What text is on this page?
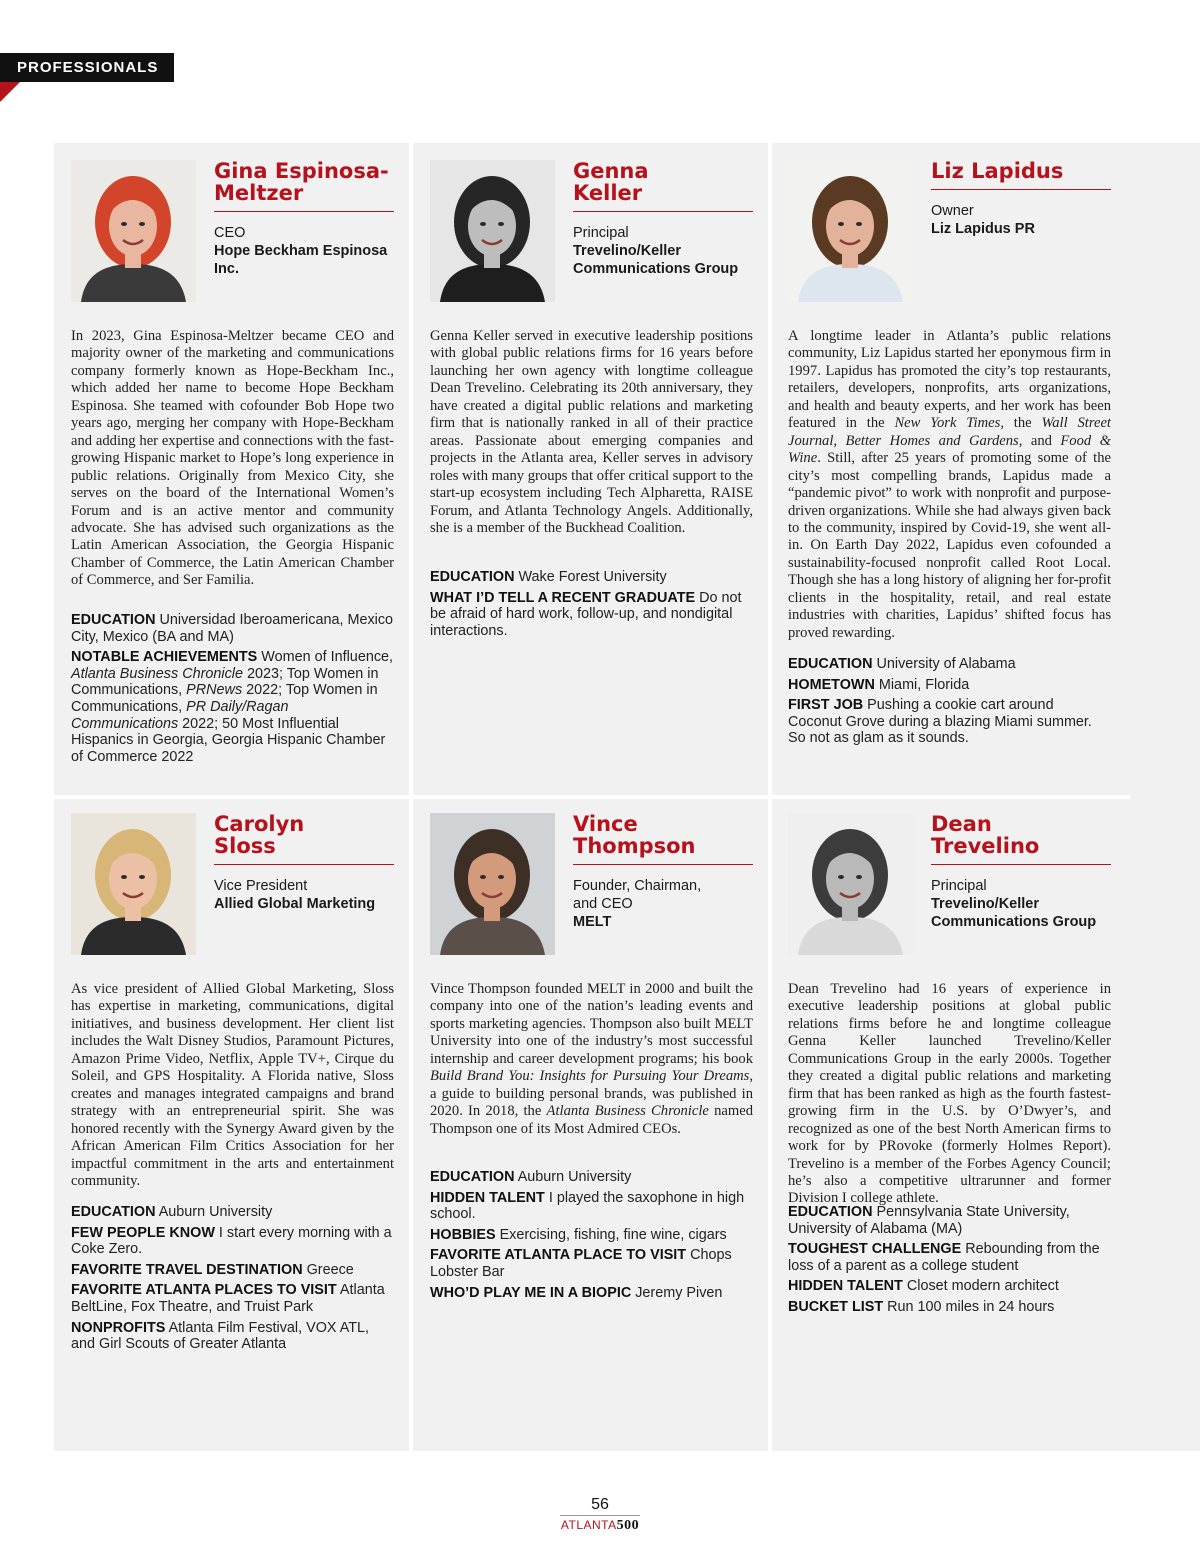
PROFESSIONALS
Gina Espinosa-
Meltzer
CEO
Hope Beckham Espinosa
Inc.

In 2023, Gina Espinosa-Meltzer became CEO and majority owner of the marketing and communications company formerly known as Hope-Beckham Inc., which added her name to become Hope Beckham Espinosa. She teamed with cofounder Bob Hope two years ago, merging her company with Hope-Beckham and adding her expertise and connections with the fast-growing Hispanic market to Hope’s long experience in public relations. Originally from Mexico City, she serves on the board of the International Women’s Forum and is an active mentor and community advocate. She has advised such organizations as the Latin American Association, the Georgia Hispanic Chamber of Commerce, the Latin American Chamber of Commerce, and Ser Familia.

EDUCATION Universidad Iberoamericana, Mexico City, Mexico (BA and MA)
NOTABLE ACHIEVEMENTS Women of Influence, Atlanta Business Chronicle 2023; Top Women in Communications, PRNews 2022; Top Women in Communications, PR Daily/Ragan Communications 2022; 50 Most Influential Hispanics in Georgia, Georgia Hispanic Chamber of Commerce 2022
Genna
Keller
Principal
Trevelino/Keller
Communications Group

Genna Keller served in executive leadership positions with global public relations firms for 16 years before launching her own agency with longtime colleague Dean Trevelino. Celebrating its 20th anniversary, they have created a digital public relations and marketing firm that is nationally ranked in all of their practice areas. Passionate about emerging companies and projects in the Atlanta area, Keller serves in advisory roles with many groups that offer critical support to the start-up ecosystem including Tech Alpharetta, RAISE Forum, and Atlanta Technology Angels. Additionally, she is a member of the Buckhead Coalition.

EDUCATION Wake Forest University
WHAT I’D TELL A RECENT GRADUATE Do not be afraid of hard work, follow-up, and nondigital interactions.
Liz Lapidus
Owner
Liz Lapidus PR

A longtime leader in Atlanta’s public relations community, Liz Lapidus started her eponymous firm in 1997. Lapidus has promoted the city’s top restaurants, retailers, developers, nonprofits, arts organizations, and health and beauty experts, and her work has been featured in the New York Times, the Wall Street Journal, Better Homes and Gardens, and Food & Wine. Still, after 25 years of promoting some of the city’s most compelling brands, Lapidus made a “pandemic pivot” to work with nonprofit and purpose-driven organizations. While she had always given back to the community, inspired by Covid-19, she went all-in. On Earth Day 2022, Lapidus even cofounded a sustainability-focused nonprofit called Root Local. Though she has a long history of aligning her for-profit clients in the hospitality, retail, and real estate industries with charities, Lapidus’ shifted focus has proved rewarding.

EDUCATION University of Alabama
HOMETOWN Miami, Florida
FIRST JOB Pushing a cookie cart around Coconut Grove during a blazing Miami summer. So not as glam as it sounds.
Carolyn
Sloss
Vice President
Allied Global Marketing

As vice president of Allied Global Marketing, Sloss has expertise in marketing, communications, digital initiatives, and business development. Her client list includes the Walt Disney Studios, Paramount Pictures, Amazon Prime Video, Netflix, Apple TV+, Cirque du Soleil, and GPS Hospitality. A Florida native, Sloss creates and manages integrated campaigns and brand strategy with an entrepreneurial spirit. She was honored recently with the Synergy Award given by the African American Film Critics Association for her impactful commitment in the arts and entertainment community.

EDUCATION Auburn University
FEW PEOPLE KNOW I start every morning with a Coke Zero.
FAVORITE TRAVEL DESTINATION Greece
FAVORITE ATLANTA PLACES TO VISIT Atlanta BeltLine, Fox Theatre, and Truist Park
NONPROFITS Atlanta Film Festival, VOX ATL, and Girl Scouts of Greater Atlanta
Vince
Thompson
Founder, Chairman,
and CEO
MELT

Vince Thompson founded MELT in 2000 and built the company into one of the nation’s leading events and sports marketing agencies. Thompson also built MELT University into one of the industry’s most successful internship and career development programs; his book Build Brand You: Insights for Pursuing Your Dreams, a guide to building personal brands, was published in 2020. In 2018, the Atlanta Business Chronicle named Thompson one of its Most Admired CEOs.

EDUCATION Auburn University
HIDDEN TALENT I played the saxophone in high school.
HOBBIES Exercising, fishing, fine wine, cigars
FAVORITE ATLANTA PLACE TO VISIT Chops Lobster Bar
WHO’D PLAY ME IN A BIOPIC Jeremy Piven
Dean
Trevelino
Principal
Trevelino/Keller
Communications Group

Dean Trevelino had 16 years of experience in executive leadership positions at global public relations firms before he and longtime colleague Genna Keller launched Trevelino/Keller Communications Group in the early 2000s. Together they created a digital public relations and marketing firm that has been ranked as high as the fourth fastest-growing firm in the U.S. by O’Dwyer’s, and recognized as one of the best North American firms to work for by PRovoke (formerly Holmes Report). Trevelino is a member of the Forbes Agency Council; he’s also a competitive ultrarunner and former Division I college athlete.

EDUCATION Pennsylvania State University, University of Alabama (MA)
TOUGHEST CHALLENGE Rebounding from the loss of a parent as a college student
HIDDEN TALENT Closet modern architect
BUCKET LIST Run 100 miles in 24 hours
56
ATLANTA500
